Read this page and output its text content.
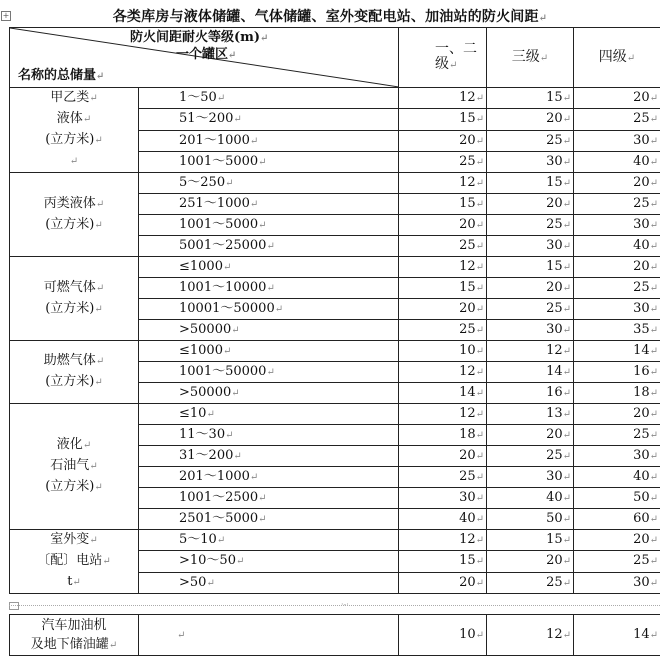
+	各类库房与液体储罐、气体储罐、室外变配电站、加油站的防火间距↵
防火间距耐火等级(m)↵
一个罐区↵
名称的总储量↵		一、二
级↵	三级↵	四级↵
甲乙类↵
液体↵
(立方米)↵
↵	1～50↵	12↵	15↵	20↵
	51～200↵	15↵	20↵	25↵
	201～1000↵	20↵	25↵	30↵
	1001～5000↵	25↵	30↵	40↵
丙类液体↵
(立方米)↵	5～250↵	12↵	15↵	20↵
	251～1000↵	15↵	20↵	25↵
	1001～5000↵	20↵	25↵	30↵
	5001～25000↵	25↵	30↵	40↵
可燃气体↵
(立方米)↵	≤1000↵	12↵	15↵	20↵
	1001～10000↵	15↵	20↵	25↵
	10001～50000↵	20↵	25↵	30↵
	>50000↵	25↵	30↵	35↵
助燃气体↵
(立方米)↵	≤1000↵	10↵	12↵	14↵
	1001～50000↵	12↵	14↵	16↵
	>50000↵	14↵	16↵	18↵
液化↵
石油气↵
(立方米)↵	≤10↵	12↵	13↵	20↵
	11～30↵	18↵	20↵	25↵
	31～200↵	20↵	25↵	30↵
	201～1000↵	25↵	30↵	40↵
	1001～2500↵	30↵	40↵	50↵
	2501～5000↵	40↵	50↵	60↵
室外变↵
〔配〕电站↵
t↵	5～10↵	12↵	15↵	20↵
	>10～50↵	15↵	20↵	25↵
	>50↵	20↵	25↵	30↵
·-·
汽车加油机
及地下储油罐↵	↵	10↵	12↵	14↵
